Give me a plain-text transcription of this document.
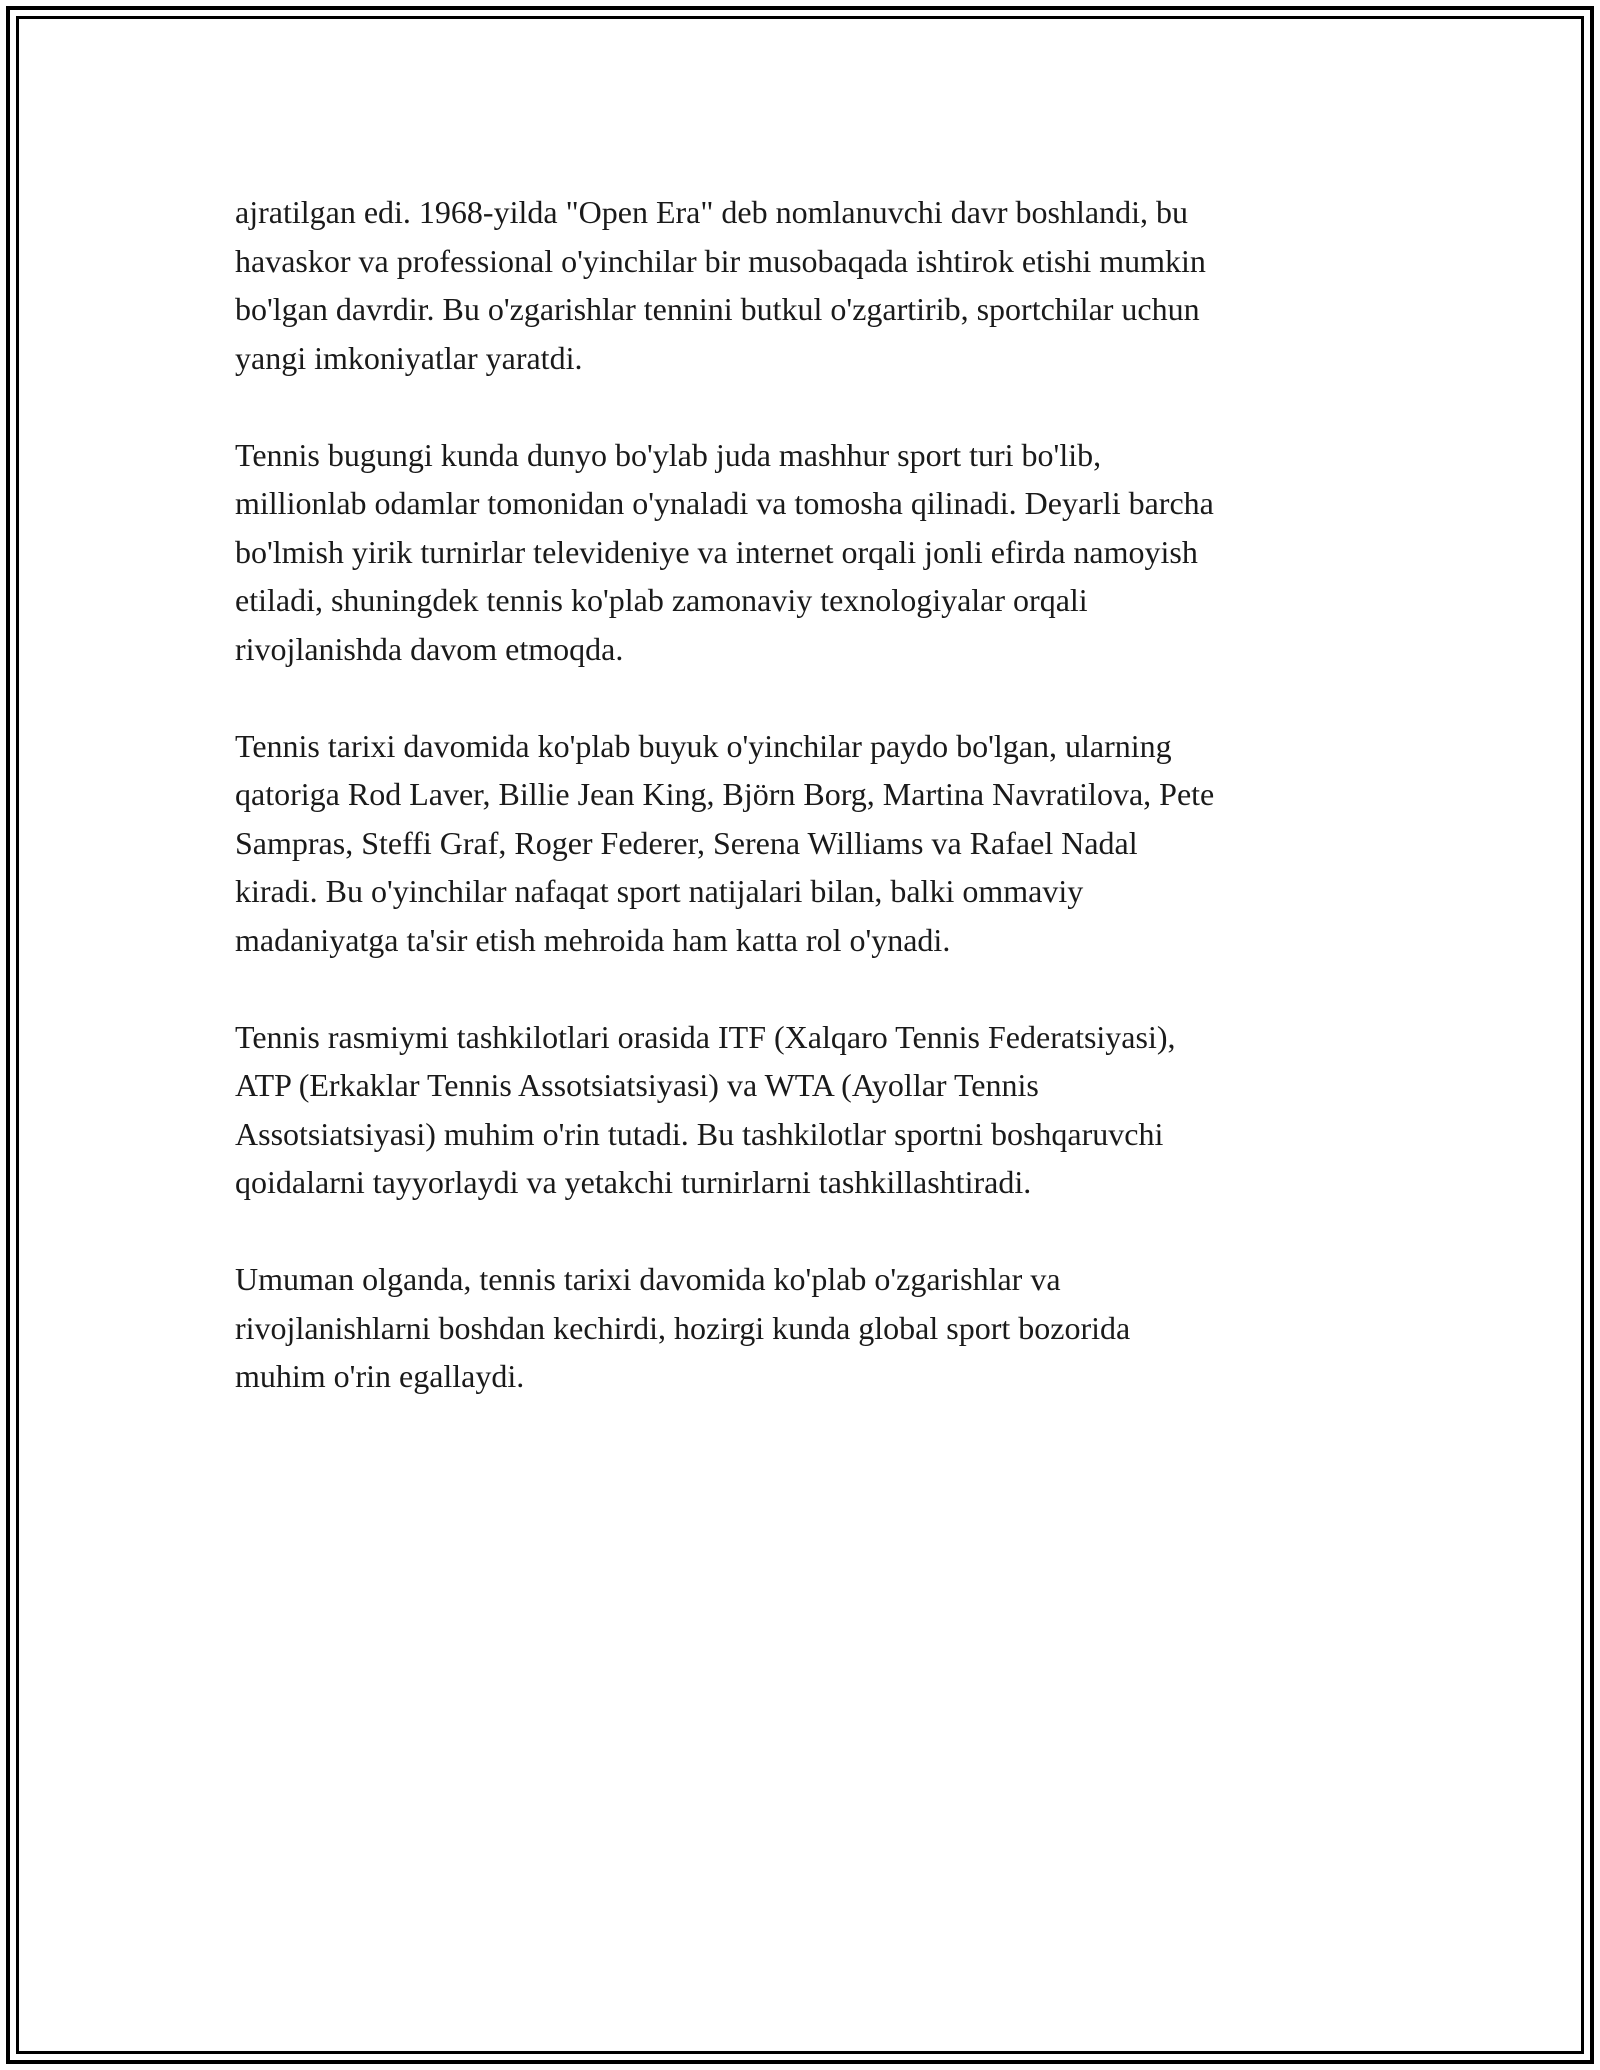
ajratilgan edi. 1968-yilda "Open Era" deb nomlanuvchi davr boshlandi, bu
havaskor va professional o'yinchilar bir musobaqada ishtirok etishi mumkin
bo'lgan davrdir. Bu o'zgarishlar tennini butkul o'zgartirib, sportchilar uchun
yangi imkoniyatlar yaratdi.

Tennis bugungi kunda dunyo bo'ylab juda mashhur sport turi bo'lib,
millionlab odamlar tomonidan o'ynaladi va tomosha qilinadi. Deyarli barcha
bo'lmish yirik turnirlar televideniye va internet orqali jonli efirda namoyish
etiladi, shuningdek tennis ko'plab zamonaviy texnologiyalar orqali
rivojlanishda davom etmoqda.

Tennis tarixi davomida ko'plab buyuk o'yinchilar paydo bo'lgan, ularning
qatoriga Rod Laver, Billie Jean King, Björn Borg, Martina Navratilova, Pete
Sampras, Steffi Graf, Roger Federer, Serena Williams va Rafael Nadal
kiradi. Bu o'yinchilar nafaqat sport natijalari bilan, balki ommaviy
madaniyatga ta'sir etish mehroida ham katta rol o'ynadi.

Tennis rasmiymi tashkilotlari orasida ITF (Xalqaro Tennis Federatsiyasi),
ATP (Erkaklar Tennis Assotsiatsiyasi) va WTA (Ayollar Tennis
Assotsiatsiyasi) muhim o'rin tutadi. Bu tashkilotlar sportni boshqaruvchi
qoidalarni tayyorlaydi va yetakchi turnirlarni tashkillashtiradi.

Umuman olganda, tennis tarixi davomida ko'plab o'zgarishlar va
rivojlanishlarni boshdan kechirdi, hozirgi kunda global sport bozorida
muhim o'rin egallaydi.
